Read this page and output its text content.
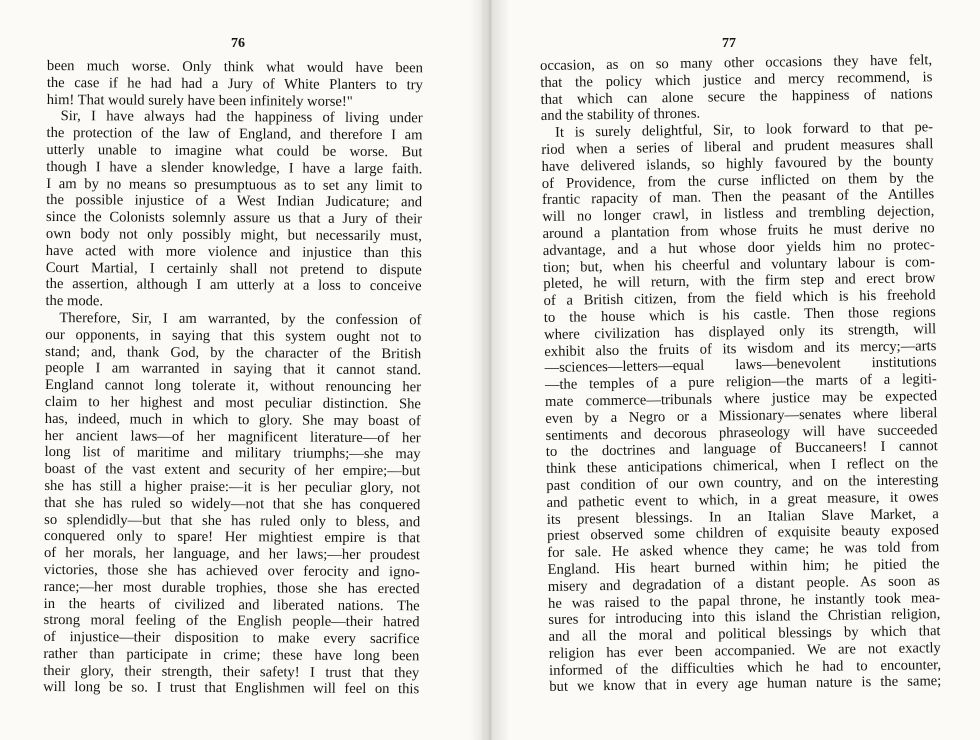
76
been much worse. Only think what would have been
the case if he had had a Jury of White Planters to try
him! That would surely have been infinitely worse!"
Sir, I have always had the happiness of living under
the protection of the law of England, and therefore I am
utterly unable to imagine what could be worse. But
though I have a slender knowledge, I have a large faith.
I am by no means so presumptuous as to set any limit to
the possible injustice of a West Indian Judicature; and
since the Colonists solemnly assure us that a Jury of their
own body not only possibly might, but necessarily must,
have acted with more violence and injustice than this
Court Martial, I certainly shall not pretend to dispute
the assertion, although I am utterly at a loss to conceive
the mode.
Therefore, Sir, I am warranted, by the confession of
our opponents, in saying that this system ought not to
stand; and, thank God, by the character of the British
people I am warranted in saying that it cannot stand.
England cannot long tolerate it, without renouncing her
claim to her highest and most peculiar distinction. She
has, indeed, much in which to glory. She may boast of
her ancient laws—of her magnificent literature—of her
long list of maritime and military triumphs;—she may
boast of the vast extent and security of her empire;—but
she has still a higher praise:—it is her peculiar glory, not
that she has ruled so widely—not that she has conquered
so splendidly—but that she has ruled only to bless, and
conquered only to spare! Her mightiest empire is that
of her morals, her language, and her laws;—her proudest
victories, those she has achieved over ferocity and igno-
rance;—her most durable trophies, those she has erected
in the hearts of civilized and liberated nations. The
strong moral feeling of the English people—their hatred
of injustice—their disposition to make every sacrifice
rather than participate in crime; these have long been
their glory, their strength, their safety! I trust that they
will long be so. I trust that Englishmen will feel on this
77
occasion, as on so many other occasions they have felt,
that the policy which justice and mercy recommend, is
that which can alone secure the happiness of nations
and the stability of thrones.
It is surely delightful, Sir, to look forward to that pe-
riod when a series of liberal and prudent measures shall
have delivered islands, so highly favoured by the bounty
of Providence, from the curse inflicted on them by the
frantic rapacity of man. Then the peasant of the Antilles
will no longer crawl, in listless and trembling dejection,
around a plantation from whose fruits he must derive no
advantage, and a hut whose door yields him no protec-
tion; but, when his cheerful and voluntary labour is com-
pleted, he will return, with the firm step and erect brow
of a British citizen, from the field which is his freehold
to the house which is his castle. Then those regions
where civilization has displayed only its strength, will
exhibit also the fruits of its wisdom and its mercy;—arts
—sciences—letters—equal laws—benevolent institutions
—the temples of a pure religion—the marts of a legiti-
mate commerce—tribunals where justice may be expected
even by a Negro or a Missionary—senates where liberal
sentiments and decorous phraseology will have succeeded
to the doctrines and language of Buccaneers! I cannot
think these anticipations chimerical, when I reflect on the
past condition of our own country, and on the interesting
and pathetic event to which, in a great measure, it owes
its present blessings. In an Italian Slave Market, a
priest observed some children of exquisite beauty exposed
for sale. He asked whence they came; he was told from
England. His heart burned within him; he pitied the
misery and degradation of a distant people. As soon as
he was raised to the papal throne, he instantly took mea-
sures for introducing into this island the Christian religion,
and all the moral and political blessings by which that
religion has ever been accompanied. We are not exactly
informed of the difficulties which he had to encounter,
but we know that in every age human nature is the same;
